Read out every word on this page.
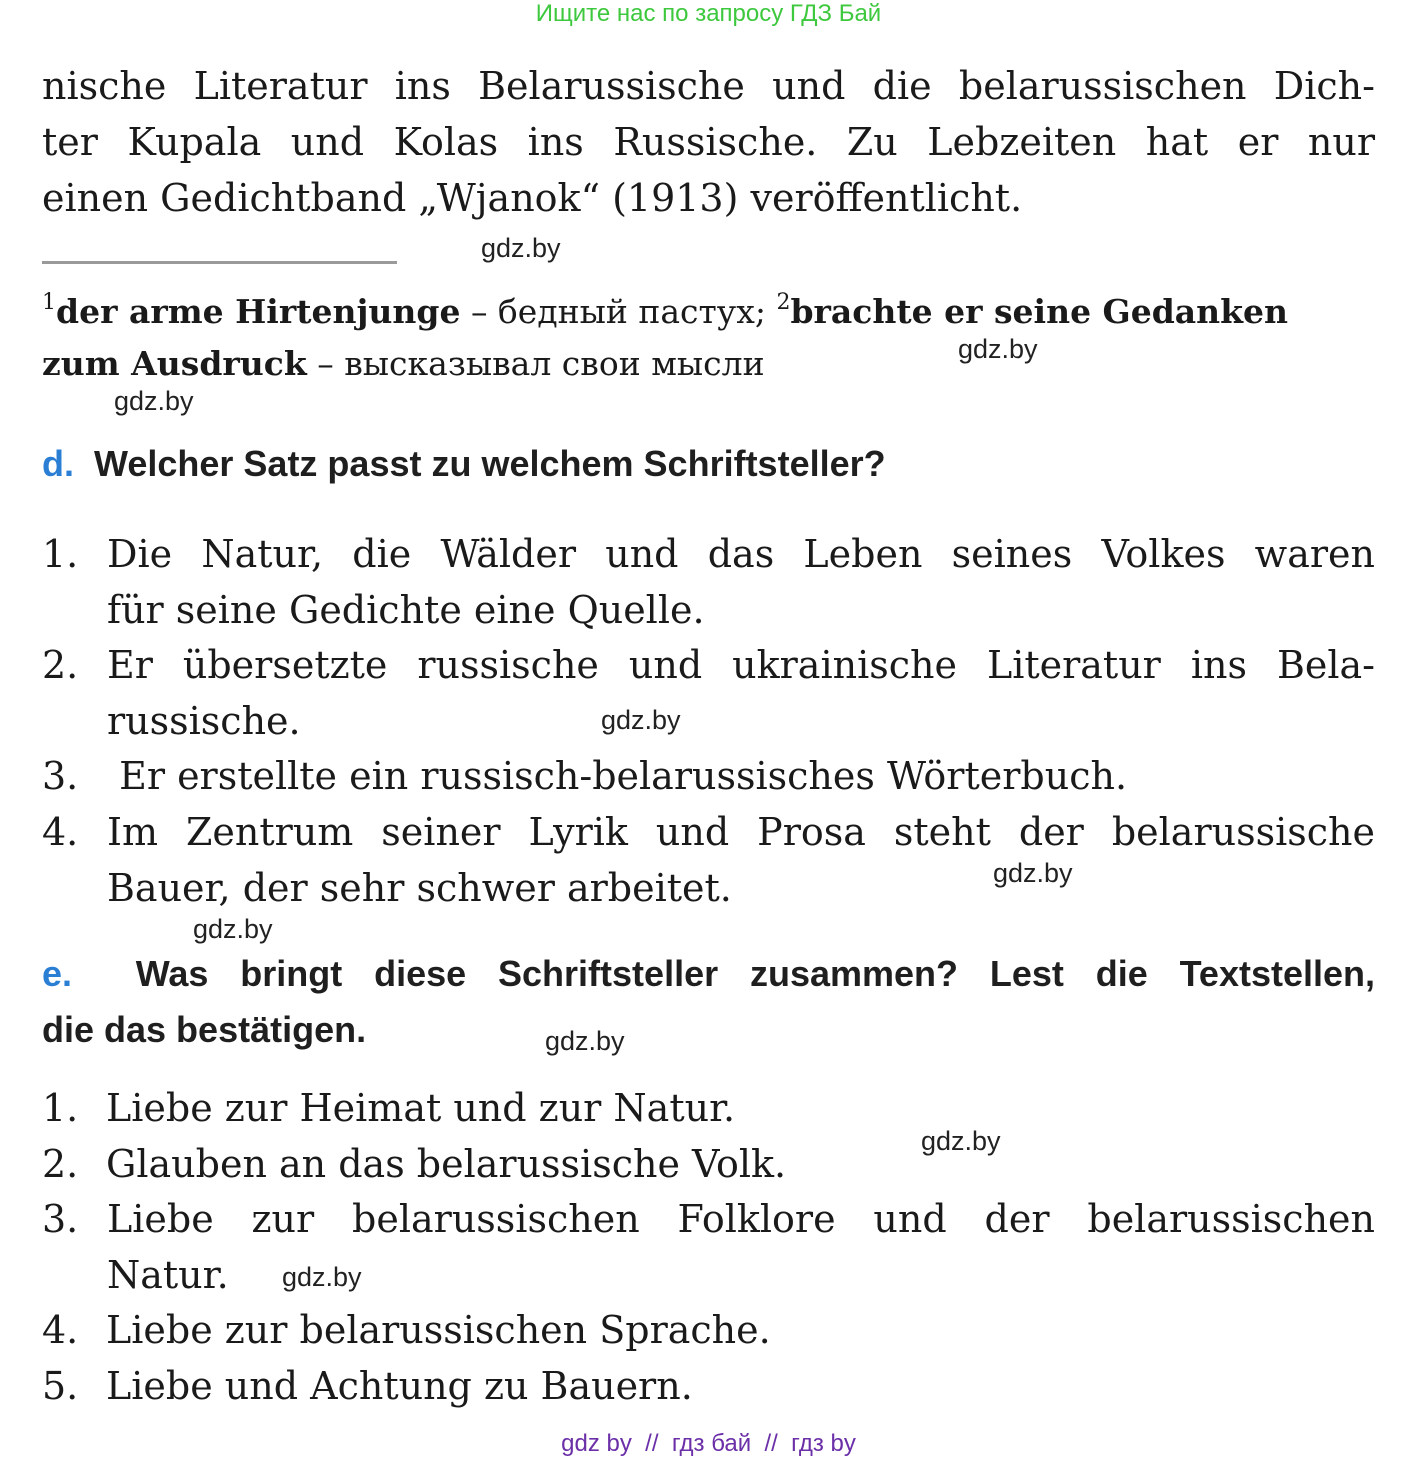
Ищите нас по запросу ГДЗ Бай
nische Literatur ins Belarussische und die belarussischen Dich-
ter Kupala und Kolas ins Russische. Zu Lebzeiten hat er nur
einen Gedichtband „Wjanok“ (1913) veröffentlicht.
gdz.by
$^1$der arme Hirtenjunge – бедный пастух; $^2$brachte er seine Gedanken
zum Ausdruck – высказывал свои мысли	gdz.by
gdz.by
d. Welcher Satz passt zu welchem Schriftsteller?
1. Die Natur, die Wälder und das Leben seines Volkes waren
für seine Gedichte eine Quelle.
2. Er übersetzte russische und ukrainische Literatur ins Bela-
russische.	gdz.by
3. Er erstellte ein russisch-belarussisches Wörterbuch.
4. Im Zentrum seiner Lyrik und Prosa steht der belarussische
Bauer, der sehr schwer arbeitet.	gdz.by
gdz.by
e. Was bringt diese Schriftsteller zusammen? Lest die Textstellen,
die das bestätigen.	gdz.by
1. Liebe zur Heimat und zur Natur.
gdz.by
2. Glauben an das belarussische Volk.
3. Liebe zur belarussischen Folklore und der belarussischen
Natur. gdz.by
4. Liebe zur belarussischen Sprache.
5. Liebe und Achtung zu Bauern.
gdz by  //  гдз бай  //  гдз by
